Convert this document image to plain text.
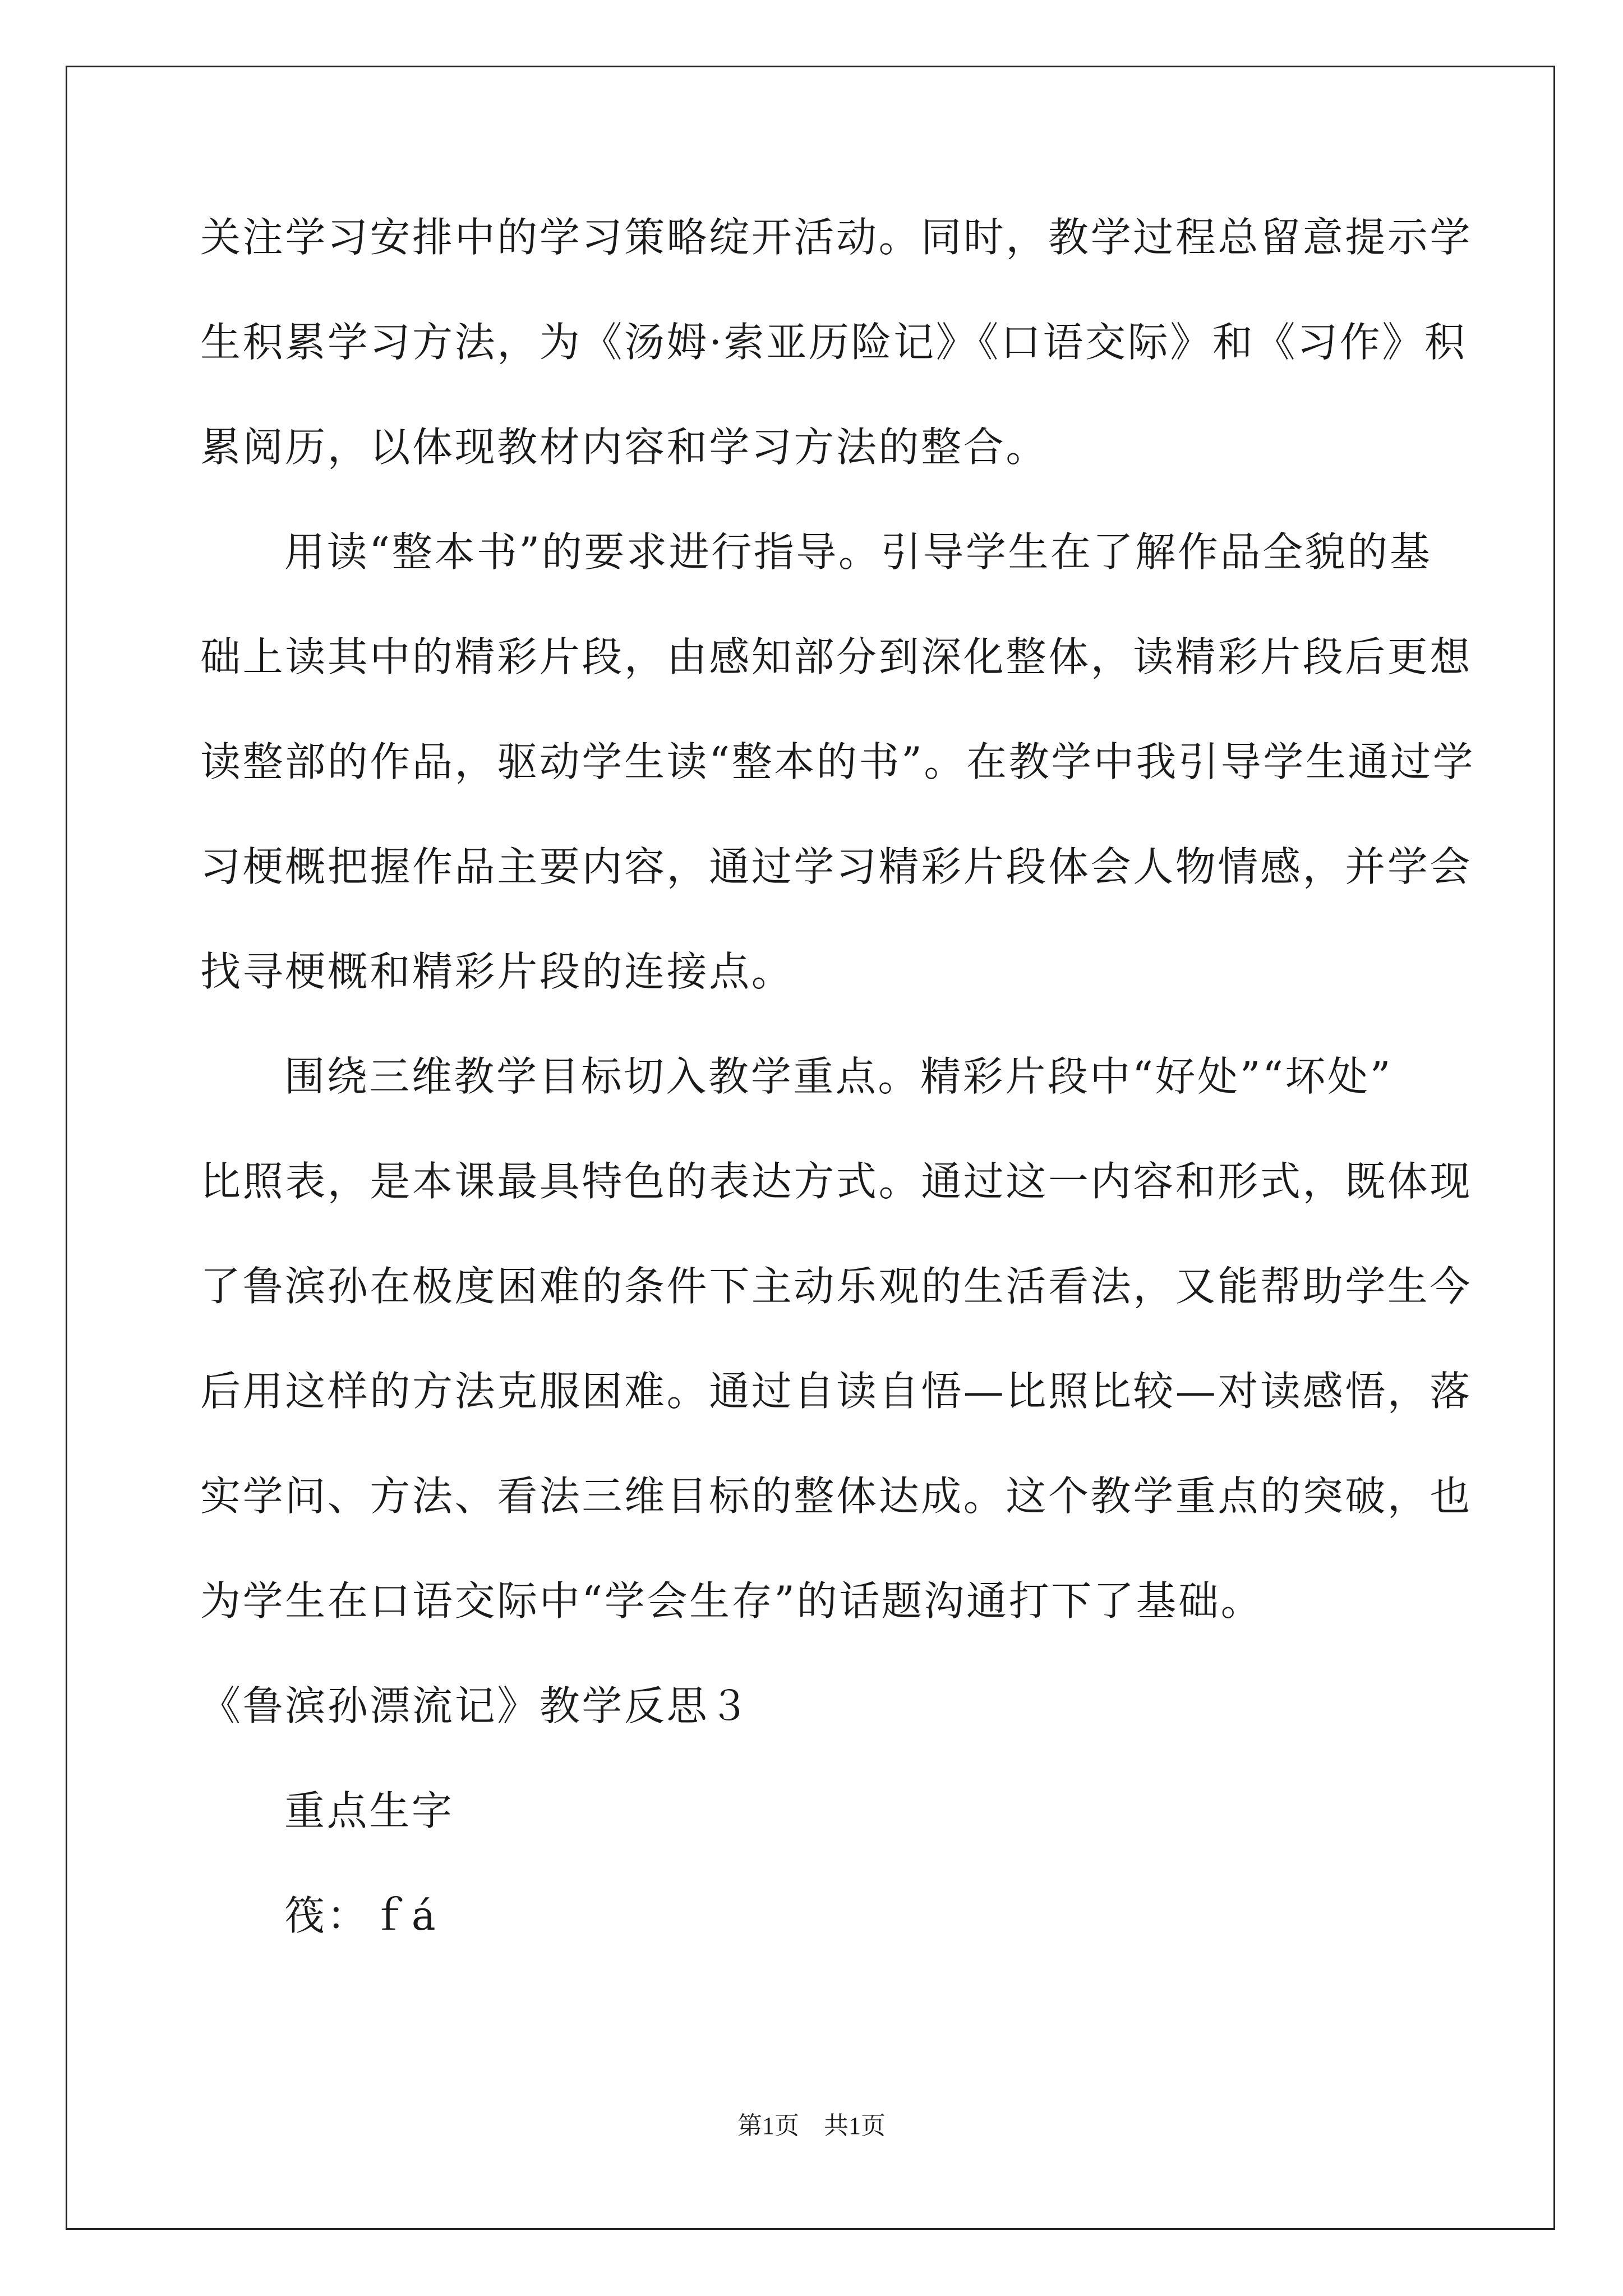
关注学习安排中的学习策略绽开活动。同时，教学过程总留意提示学
生积累学习方法，为《汤姆·索亚历险记》《口语交际》和《习作》积
累阅历，以体现教材内容和学习方法的整合。
用读“整本书”的要求进行指导。引导学生在了解作品全貌的基
础上读其中的精彩片段，由感知部分到深化整体，读精彩片段后更想
读整部的作品，驱动学生读“整本的书”。在教学中我引导学生通过学
习梗概把握作品主要内容，通过学习精彩片段体会人物情感，并学会
找寻梗概和精彩片段的连接点。
围绕三维教学目标切入教学重点。精彩片段中“好处”“坏处”
比照表，是本课最具特色的表达方式。通过这一内容和形式，既体现
了鲁滨孙在极度困难的条件下主动乐观的生活看法，又能帮助学生今
后用这样的方法克服困难。通过自读自悟—比照比较—对读感悟，落
实学问、方法、看法三维目标的整体达成。这个教学重点的突破，也
为学生在口语交际中“学会生存”的话题沟通打下了基础。
《鲁滨孙漂流记》教学反思３
重点生字
筏：ｆá
第1页　共1页
